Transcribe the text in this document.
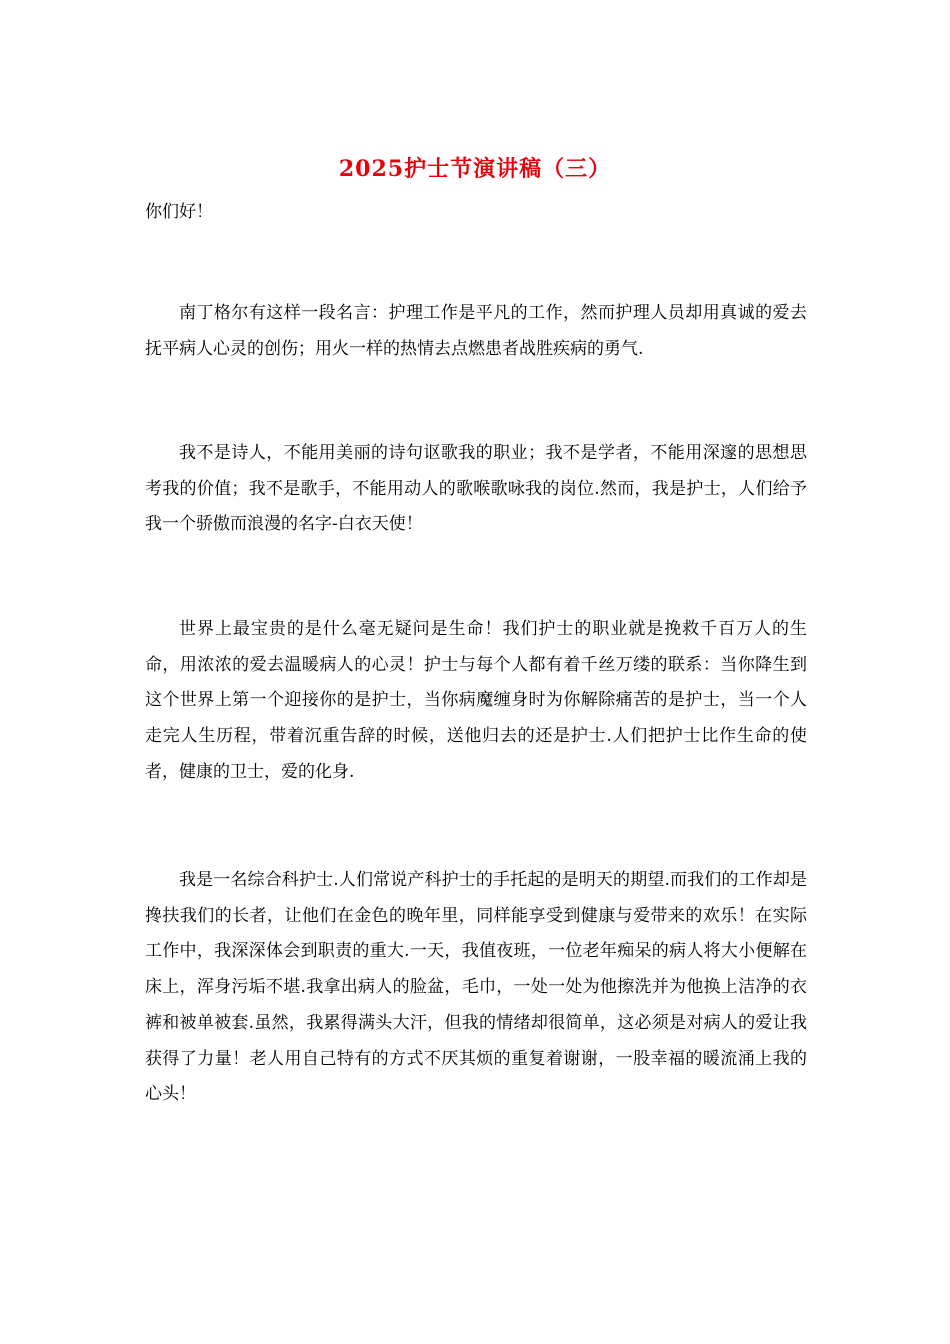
2025护士节演讲稿（三）
你们好！

南丁格尔有这样一段名言：护理工作是平凡的工作，然而护理人员却用真诚的爱去抚平病人心灵的创伤；用火一样的热情去点燃患者战胜疾病的勇气.

我不是诗人，不能用美丽的诗句讴歌我的职业；我不是学者，不能用深邃的思想思考我的价值；我不是歌手，不能用动人的歌喉歌咏我的岗位.然而，我是护士，人们给予我一个骄傲而浪漫的名字-白衣天使！

世界上最宝贵的是什么毫无疑问是生命！我们护士的职业就是挽救千百万人的生命，用浓浓的爱去温暖病人的心灵！护士与每个人都有着千丝万缕的联系：当你降生到这个世界上第一个迎接你的是护士，当你病魔缠身时为你解除痛苦的是护士，当一个人走完人生历程，带着沉重告辞的时候，送他归去的还是护士.人们把护士比作生命的使者，健康的卫士，爱的化身.

我是一名综合科护士.人们常说产科护士的手托起的是明天的期望.而我们的工作却是搀扶我们的长者，让他们在金色的晚年里，同样能享受到健康与爱带来的欢乐！在实际工作中，我深深体会到职责的重大.一天，我值夜班，一位老年痴呆的病人将大小便解在床上，浑身污垢不堪.我拿出病人的脸盆，毛巾，一处一处为他擦洗并为他换上洁净的衣裤和被单被套.虽然，我累得满头大汗，但我的情绪却很简单，这必须是对病人的爱让我获得了力量！老人用自己特有的方式不厌其烦的重复着谢谢，一股幸福的暖流涌上我的心头！
